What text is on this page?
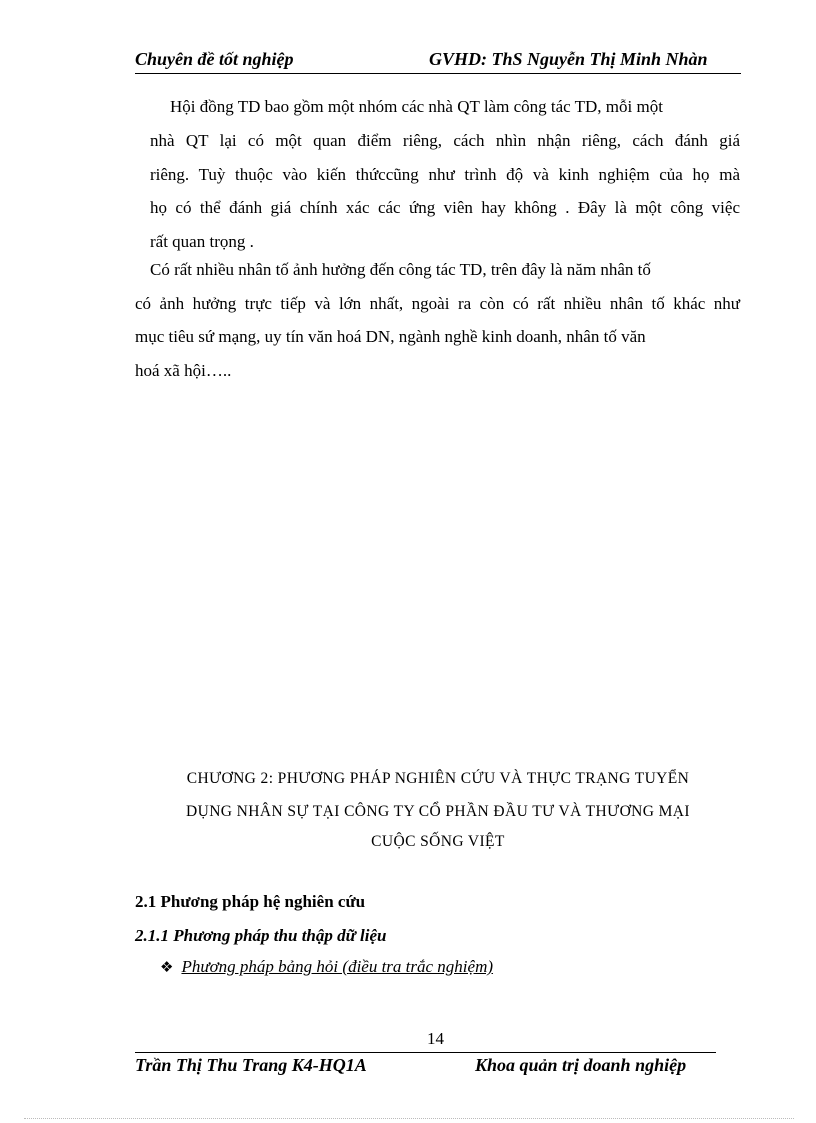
Chuyên đề tốt nghiệp	GVHD: ThS Nguyễn Thị Minh Nhàn
Hội đồng TD bao gồm một nhóm các nhà QT làm công tác TD, mỗi một
nhà QT lại có một quan điểm riêng, cách nhìn nhận riêng, cách đánh giá
riêng. Tuỳ thuộc vào kiến thứccũng như trình độ và kinh nghiệm của họ mà
họ có thể đánh giá chính xác các ứng viên hay không . Đây là một công việc
rất quan trọng .
Có rất nhiều nhân tố ảnh hưởng đến công tác TD, trên đây là năm nhân tố
có ảnh hưởng trực tiếp và lớn nhất, ngoài ra còn có rất nhiều nhân tố khác như
mục tiêu sứ mạng, uy tín văn hoá DN, ngành nghề kinh doanh, nhân tố văn
hoá xã hội…..
CHƯƠNG 2: PHƯƠNG PHÁP NGHIÊN CỨU VÀ THỰC TRẠNG TUYỂN
DỤNG NHÂN SỰ TẠI CÔNG TY CỔ PHẦN ĐẦU TƯ VÀ THƯƠNG MẠI
CUỘC SỐNG VIỆT
2.1 Phương pháp hệ nghiên cứu
2.1.1 Phương pháp thu thập dữ liệu
❖ Phương pháp bảng hỏi (điều tra trắc nghiệm)
14
Trần Thị Thu Trang K4-HQ1A	Khoa quản trị doanh nghiệp
